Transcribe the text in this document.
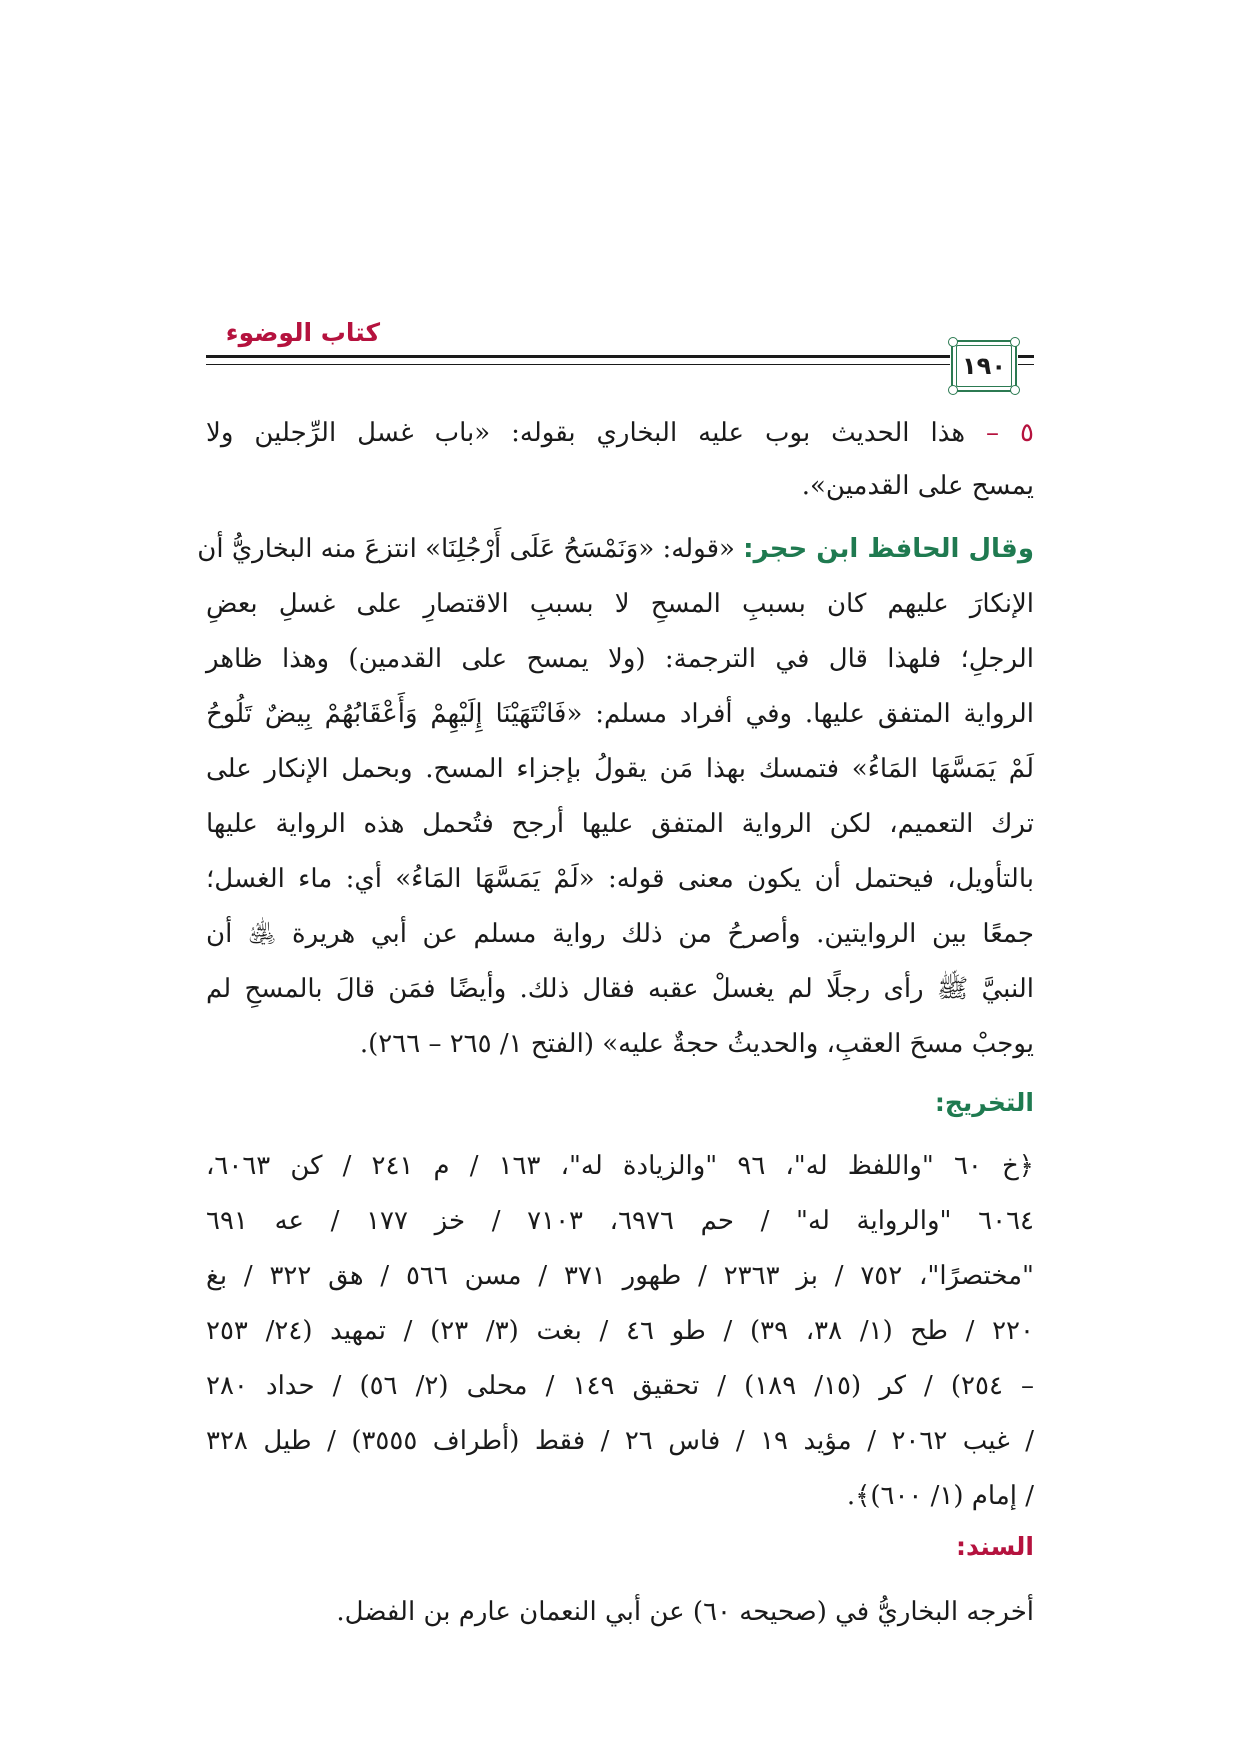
كتاب الوضوء
١٩٠
٥ – هذا الحديث بوب عليه البخاري بقوله: «باب غسل الرِّجلين ولا
يمسح على القدمين».
وقال الحافظ ابن حجر: «قوله: «وَنَمْسَحُ عَلَى أَرْجُلِنَا» انتزعَ منه البخاريُّ أن
الإنكارَ عليهم كان بسببِ المسحِ لا بسببِ الاقتصارِ على غسلِ بعضِ
الرجلِ؛ فلهذا قال في الترجمة: (ولا يمسح على القدمين) وهذا ظاهر
الرواية المتفق عليها. وفي أفراد مسلم: «فَانْتَهَيْنَا إِلَيْهِمْ وَأَعْقَابُهُمْ بِيضٌ تَلُوحُ
لَمْ يَمَسَّهَا المَاءُ» فتمسك بهذا مَن يقولُ بإجزاء المسح. وبحمل الإنكار على
ترك التعميم، لكن الرواية المتفق عليها أرجح فتُحمل هذه الرواية عليها
بالتأويل، فيحتمل أن يكون معنى قوله: «لَمْ يَمَسَّهَا المَاءُ» أي: ماء الغسل؛
جمعًا بين الروايتين. وأصرحُ من ذلك رواية مسلم عن أبي هريرة ﵁ أن
النبيَّ ﷺ رأى رجلًا لم يغسلْ عقبه فقال ذلك. وأيضًا فمَن قالَ بالمسحِ لم
يوجبْ مسحَ العقبِ، والحديثُ حجةٌ عليه» (الفتح ١/ ٢٦٥ – ٢٦٦).
التخريج:
﴿خ ٦٠ "واللفظ له"، ٩٦ "والزيادة له"، ١٦٣ / م ٢٤١ / كن ٦٠٦٣،
٦٠٦٤ "والرواية له" / حم ٦٩٧٦، ٧١٠٣ / خز ١٧٧ / عه ٦٩١
"مختصرًا"، ٧٥٢ / بز ٢٣٦٣ / طهور ٣٧١ / مسن ٥٦٦ / هق ٣٢٢ / بغ
٢٢٠ / طح (١/ ٣٨، ٣٩) / طو ٤٦ / بغت (٣/ ٢٣) / تمهيد (٢٤/ ٢٥٣
– ٢٥٤) / كر (١٥/ ١٨٩) / تحقيق ١٤٩ / محلى (٢/ ٥٦) / حداد ٢٨٠
/ غيب ٢٠٦٢ / مؤيد ١٩ / فاس ٢٦ / فقط (أطراف ٣٥٥٥) / طيل ٣٢٨
/ إمام (١/ ٦٠٠)﴾.
السند:
أخرجه البخاريُّ في (صحيحه ٦٠) عن أبي النعمان عارم بن الفضل.
